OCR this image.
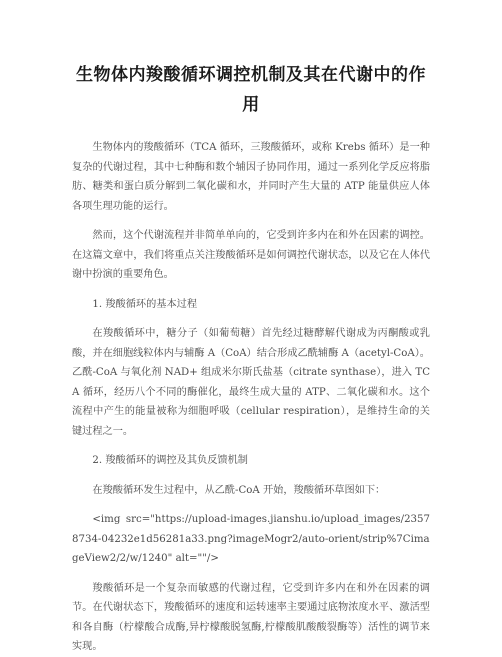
生物体内羧酸循环调控机制及其在代谢中的作用

生物体内的羧酸循环（TCA 循环，三羧酸循环，或称 Krebs 循环）是一种复杂的代谢过程，其中七种酶和数个辅因子协同作用，通过一系列化学反应将脂肪、糖类和蛋白质分解到二氧化碳和水，并同时产生大量的 ATP 能量供应人体各项生理功能的运行。

然而，这个代谢流程并非简单单向的，它受到许多内在和外在因素的调控。在这篇文章中，我们将重点关注羧酸循环是如何调控代谢状态，以及它在人体代谢中扮演的重要角色。

1. 羧酸循环的基本过程

在羧酸循环中，糖分子（如葡萄糖）首先经过糖酵解代谢成为丙酮酸或乳酸，并在细胞线粒体内与辅酶 A（CoA）结合形成乙酰辅酶 A（acetyl-CoA）。乙酰-CoA 与氧化剂 NAD+ 组成米尔斯氏盐基（citrate synthase），进入 TCA 循环，经历八个不同的酶催化，最终生成大量的 ATP、二氧化碳和水。这个流程中产生的能量被称为细胞呼吸（cellular respiration），是维持生命的关键过程之一。

2. 羧酸循环的调控及其负反馈机制

在羧酸循环发生过程中，从乙酰-CoA 开始，羧酸循环草图如下：

<img src="https://upload-images.jianshu.io/upload_images/23578734-04232e1d56281a33.png?imageMogr2/auto-orient/strip%7CimageView2/2/w/1240" alt=""/>

羧酸循环是一个复杂而敏感的代谢过程，它受到许多内在和外在因素的调节。在代谢状态下，羧酸循环的速度和运转速率主要通过底物浓度水平、激活型和各自酶（柠檬酸合成酶,异柠檬酸脱氢酶,柠檬酸肌酸酸裂酶等）活性的调节来实现。
